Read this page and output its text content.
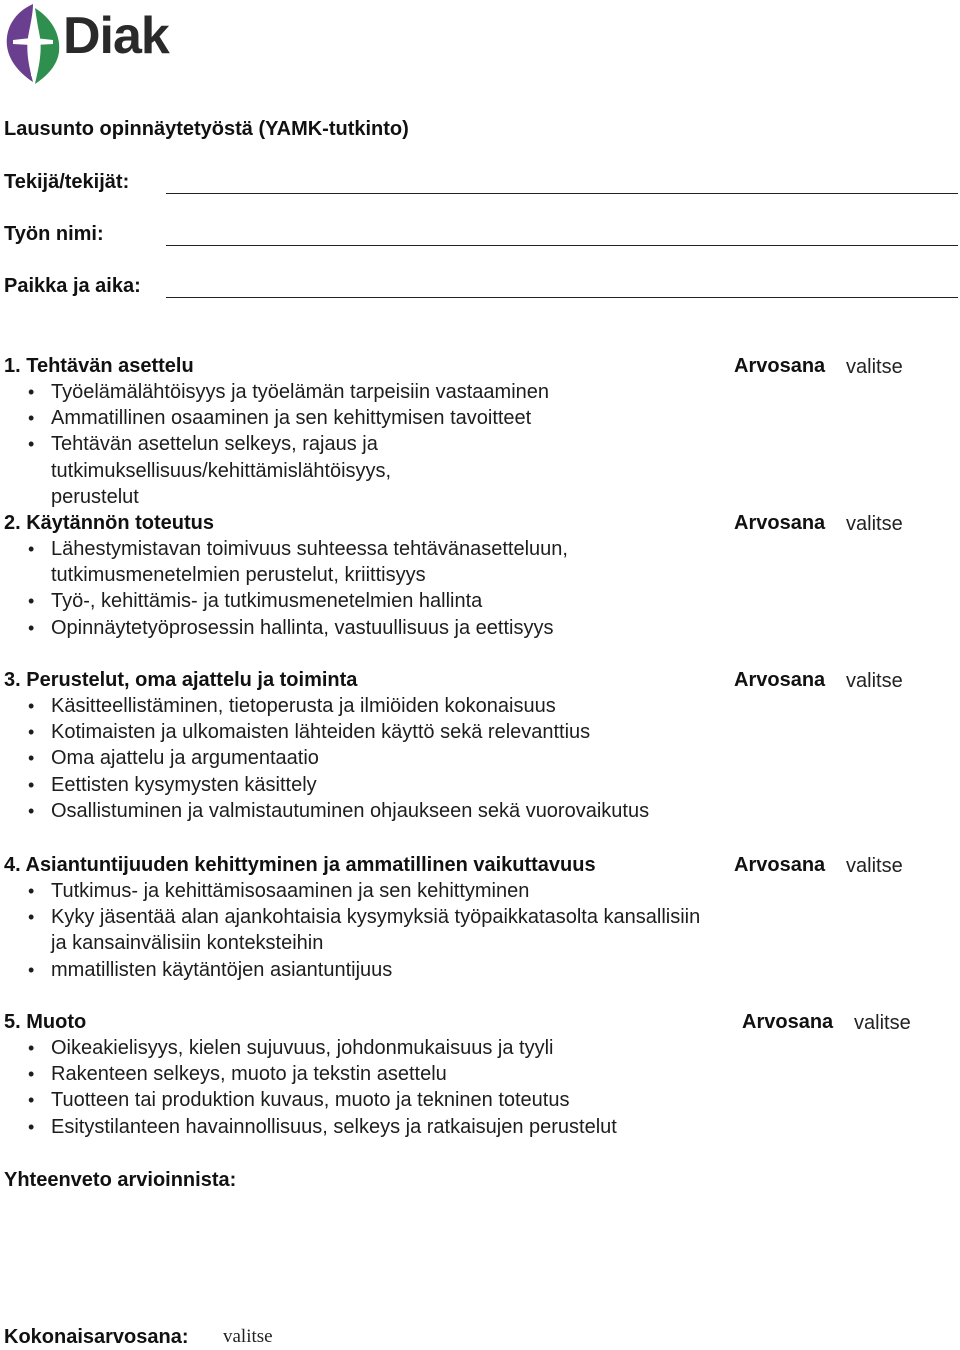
Diak
Lausunto opinnäytetyöstä (YAMK-tutkinto)
Tekijä/tekijät:
Työn nimi:
Paikka ja aika:
1. Tehtävän asettelu	Arvosana valitse
• Työelämälähtöisyys ja työelämän tarpeisiin vastaaminen
• Ammatillinen osaaminen ja sen kehittymisen tavoitteet
• Tehtävän asettelun selkeys, rajaus ja tutkimuksellisuus/kehittämislähtöisyys, perustelut
2. Käytännön toteutus	Arvosana valitse
• Lähestymistavan toimivuus suhteessa tehtävänasetteluun, tutkimusmenetelmien perustelut, kriittisyys
• Työ-, kehittämis- ja tutkimusmenetelmien hallinta
• Opinnäytetyöprosessin hallinta, vastuullisuus ja eettisyys
3. Perustelut, oma ajattelu ja toiminta	Arvosana valitse
• Käsitteellistäminen, tietoperusta ja ilmiöiden kokonaisuus
• Kotimaisten ja ulkomaisten lähteiden käyttö sekä relevanttius
• Oma ajattelu ja argumentaatio
• Eettisten kysymysten käsittely
• Osallistuminen ja valmistautuminen ohjaukseen sekä vuorovaikutus
4. Asiantuntijuuden kehittyminen ja ammatillinen vaikuttavuus	Arvosana valitse
• Tutkimus- ja kehittämisosaaminen ja sen kehittyminen
• Kyky jäsentää alan ajankohtaisia kysymyksiä työpaikkatasolta kansallisiin ja kansainvälisiin konteksteihin
• mmatillisten käytäntöjen asiantuntijuus
5. Muoto	Arvosana valitse
• Oikeakielisyys, kielen sujuvuus, johdonmukaisuus ja tyyli
• Rakenteen selkeys, muoto ja tekstin asettelu
• Tuotteen tai produktion kuvaus, muoto ja tekninen toteutus
• Esitystilanteen havainnollisuus, selkeys ja ratkaisujen perustelut
Yhteenveto arvioinnista:
Kokonaisarvosana: valitse
